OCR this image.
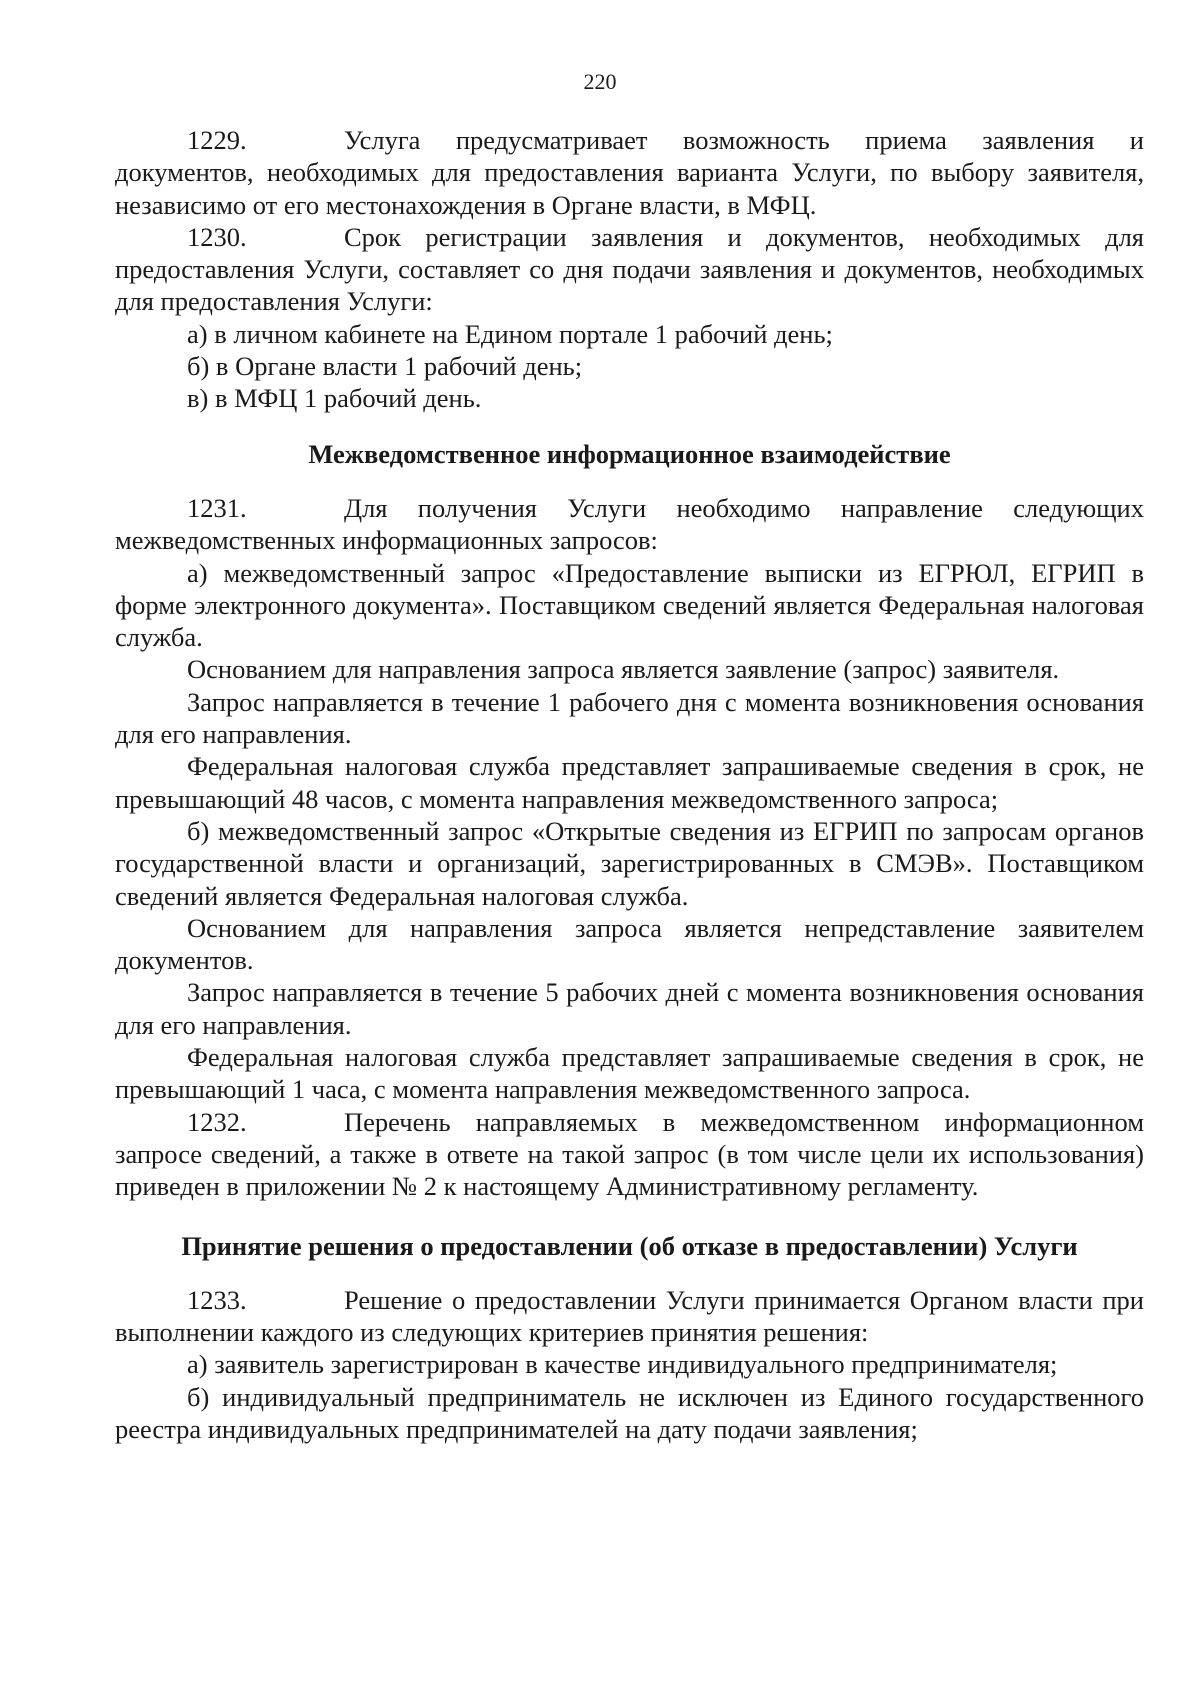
220

1229.	Услуга предусматривает возможность приема заявления и документов, необходимых для предоставления варианта Услуги, по выбору заявителя, независимо от его местонахождения в Органе власти, в МФЦ.

1230.	Срок регистрации заявления и документов, необходимых для предоставления Услуги, составляет со дня подачи заявления и документов, необходимых для предоставления Услуги:

а) в личном кабинете на Едином портале 1 рабочий день;

б) в Органе власти 1 рабочий день;

в) в МФЦ 1 рабочий день.

Межведомственное информационное взаимодействие

1231.	Для получения Услуги необходимо направление следующих межведомственных информационных запросов:

а) межведомственный запрос «Предоставление выписки из ЕГРЮЛ, ЕГРИП в форме электронного документа». Поставщиком сведений является Федеральная налоговая служба.

Основанием для направления запроса является заявление (запрос) заявителя.

Запрос направляется в течение 1 рабочего дня с момента возникновения основания для его направления.

Федеральная налоговая служба представляет запрашиваемые сведения в срок, не превышающий 48 часов, с момента направления межведомственного запроса;

б) межведомственный запрос «Открытые сведения из ЕГРИП по запросам органов государственной власти и организаций, зарегистрированных в СМЭВ». Поставщиком сведений является Федеральная налоговая служба.

Основанием для направления запроса является непредставление заявителем документов.

Запрос направляется в течение 5 рабочих дней с момента возникновения основания для его направления.

Федеральная налоговая служба представляет запрашиваемые сведения в срок, не превышающий 1 часа, с момента направления межведомственного запроса.

1232.	Перечень направляемых в межведомственном информационном запросе сведений, а также в ответе на такой запрос (в том числе цели их использования) приведен в приложении № 2 к настоящему Административному регламенту.

Принятие решения о предоставлении (об отказе в предоставлении) Услуги

1233.	Решение о предоставлении Услуги принимается Органом власти при выполнении каждого из следующих критериев принятия решения:

а) заявитель зарегистрирован в качестве индивидуального предпринимателя;

б) индивидуальный предприниматель не исключен из Единого государственного реестра индивидуальных предпринимателей на дату подачи заявления;
